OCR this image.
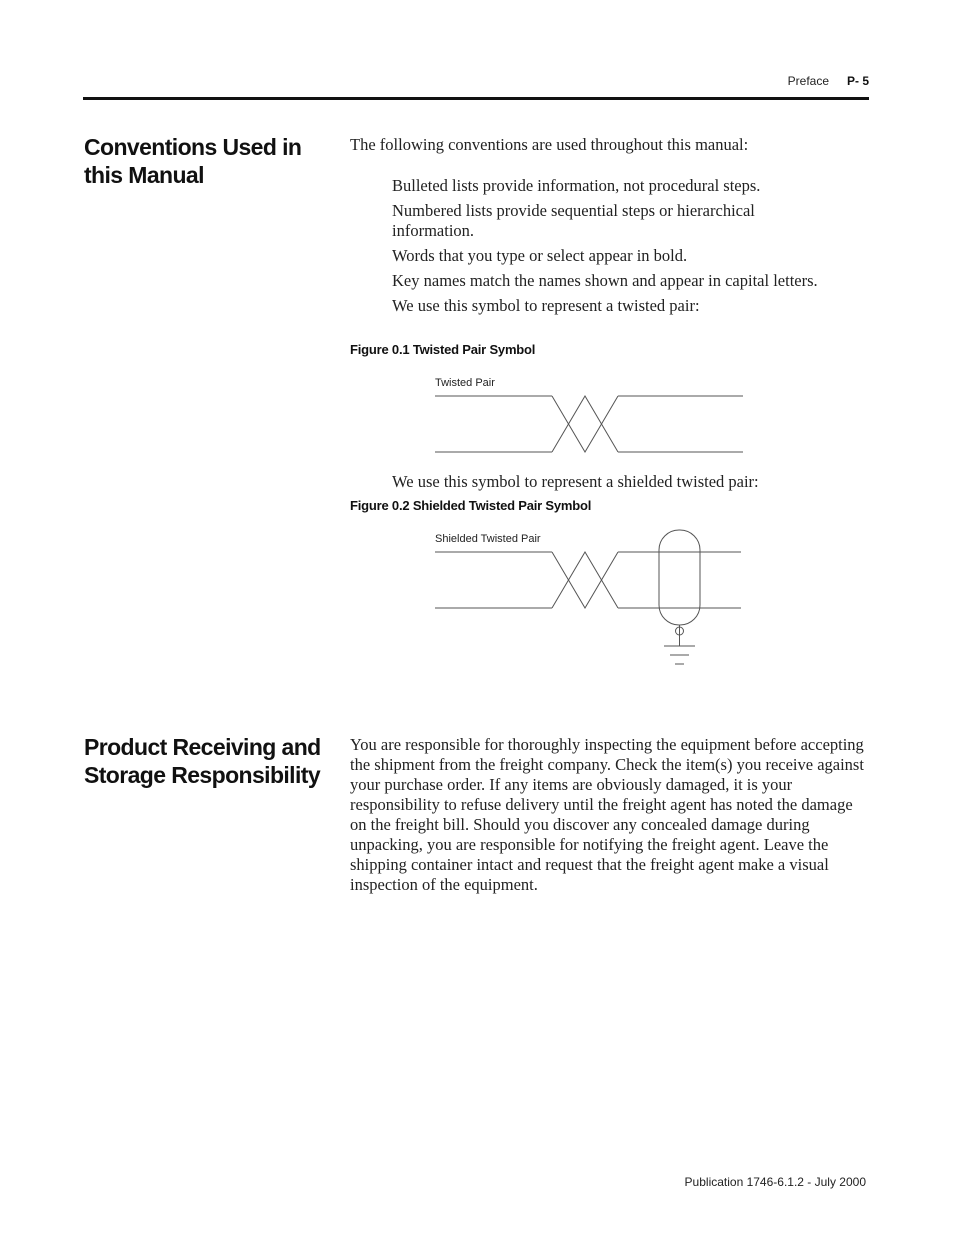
Preface P- 5
Conventions Used in this Manual
The following conventions are used throughout this manual:
Bulleted lists provide information, not procedural steps.
Numbered lists provide sequential steps or hierarchical information.
Words that you type or select appear in bold.
Key names match the names shown and appear in capital letters.
We use this symbol to represent a twisted pair:
Figure 0.1 Twisted Pair Symbol
Twisted Pair
We use this symbol to represent a shielded twisted pair:
Figure 0.2 Shielded Twisted Pair Symbol
Shielded Twisted Pair
Product Receiving and Storage Responsibility
You are responsible for thoroughly inspecting the equipment before accepting the shipment from the freight company. Check the item(s) you receive against your purchase order. If any items are obviously damaged, it is your responsibility to refuse delivery until the freight agent has noted the damage on the freight bill. Should you discover any concealed damage during unpacking, you are responsible for notifying the freight agent. Leave the shipping container intact and request that the freight agent make a visual inspection of the equipment.
Publication 1746-6.1.2 - July 2000
